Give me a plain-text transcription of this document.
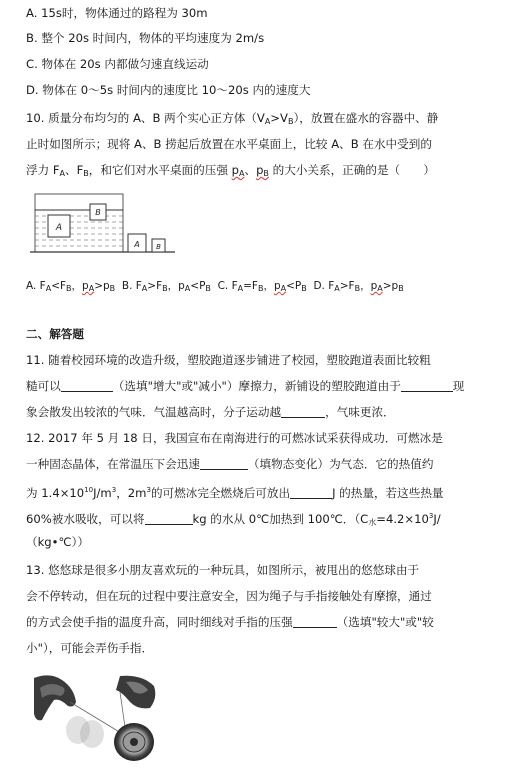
A. 15s时，物体通过的路程为 30m
B. 整个 20s 时间内，物体的平均速度为 2m/s
C. 物体在 20s 内都做匀速直线运动
D. 物体在 0～5s 时间内的速度比 10～20s 内的速度大
10. 质量分布均匀的 A、B 两个实心正方体$(V_A>V_B)$，放置在盛水的容器中、静
止时如图所示；现将 A、B 捞起后放置在水平桌面上，比较 A、B 在水中受到的
浮力 $F_A$、$F_B$，和它们对水平桌面的压强 $p_A$、$p_B$ 的大小关系，正确的是（　　）
A
B
A B
A. $F_A<F_B$，$p_A>p_B$ B. $F_A>F_B$，$p_A<P_B$ C. $F_A=F_B$，$p_A<P_B$ D. $F_A>F_B$，$p_A>p_B$
二、解答题
11. 随着校园环境的改造升级，塑胶跑道逐步铺进了校园，塑胶跑道表面比较粗
糙可以	（选填"增大"或"减小"）摩擦力，新铺设的塑胶跑道由于	现
象会散发出较浓的气味．气温越高时，分子运动越	，气味更浓．
12. 2017 年 5 月 18 日，我国宣布在南海进行的可燃冰试采获得成功．可燃冰是
一种固态晶体，在常温压下会迅速	（填物态变化）为气态．它的热值约
为 $1.4\times 10^{10}J/m^3$，$2m^3$的可燃冰完全燃烧后可放出	J 的热量，若这些热量
60%被水吸收，可以将	kg 的水从 0℃加热到 100℃．（$C_水=4.2\times 10^3J/$
（kg•℃））
13. 悠悠球是很多小朋友喜欢玩的一种玩具，如图所示，被甩出的悠悠球由于
会不停转动，但在玩的过程中要注意安全，因为绳子与手指接触处有摩擦，通过
的方式会使手指的温度升高，同时细线对手指的压强	（选填"较大"或"较
小"），可能会弄伤手指．
